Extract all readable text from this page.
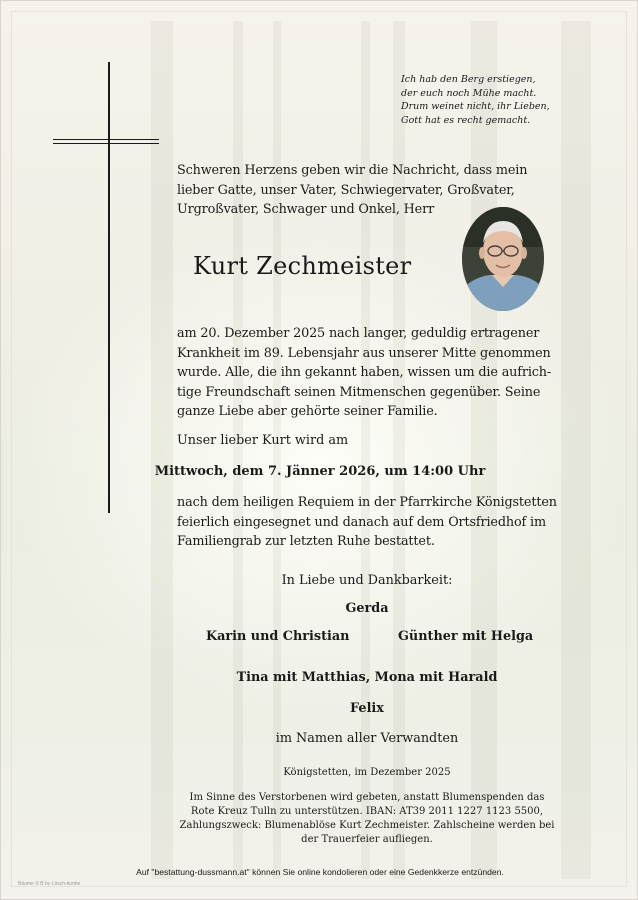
Ich hab den Berg erstiegen,
der euch noch Mühe macht.
Drum weinet nicht, ihr Lieben,
Gott hat es recht gemacht.
Schweren Herzens geben wir die Nachricht, dass mein
lieber Gatte, unser Vater, Schwiegervater, Großvater,
Urgroßvater, Schwager und Onkel, Herr
Kurt Zechmeister
am 20. Dezember 2025 nach langer, geduldig ertragener
Krankheit im 89. Lebensjahr aus unserer Mitte genommen
wurde. Alle, die ihn gekannt haben, wissen um die aufrich-
tige Freundschaft seinen Mitmenschen gegenüber. Seine
ganze Liebe aber gehörte seiner Familie.
Unser lieber Kurt wird am
Mittwoch, dem 7. Jänner 2026, um 14:00 Uhr
nach dem heiligen Requiem in der Pfarrkirche Königstetten
feierlich eingesegnet und danach auf dem Ortsfriedhof im
Familiengrab zur letzten Ruhe bestattet.
In Liebe und Dankbarkeit:
Gerda
Karin und Christian	Günther mit Helga
Tina mit Matthias, Mona mit Harald
Felix
im Namen aller Verwandten
Königstetten, im Dezember 2025
Im Sinne des Verstorbenen wird gebeten, anstatt Blumenspenden das
Rote Kreuz Tulln zu unterstützen. IBAN: AT39 2011 1227 1123 5500,
Zahlungszweck: Blumenablöse Kurt Zechmeister. Zahlscheine werden bei
der Trauerfeier aufliegen.
Auf "bestattung-dussmann.at" können Sie online kondolieren oder eine Gedenkkerze entzünden.
Bäume © B by Lösch-kunhe
